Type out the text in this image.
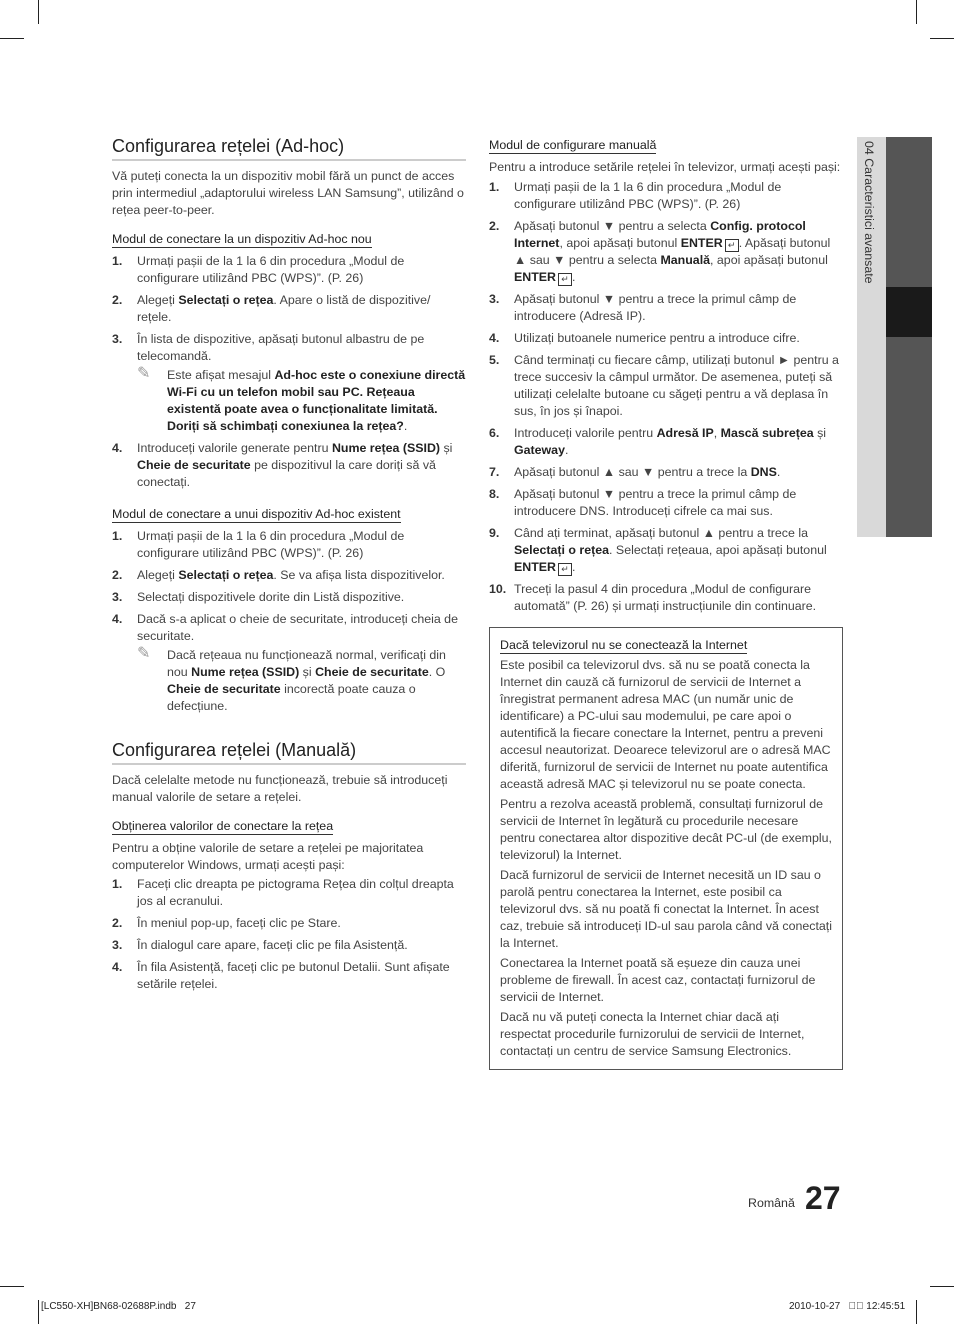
Configurarea rețelei (Ad-hoc)

Vă puteți conecta la un dispozitiv mobil fără un punct de acces prin intermediul „adaptorului wireless LAN Samsung”, utilizând o rețea peer-to-peer.

Modul de conectare la un dispozitiv Ad-hoc nou
1. Urmați pașii de la 1 la 6 din procedura „Modul de configurare utilizând PBC (WPS)”. (P. 26)
2. Alegeți Selectați o rețea. Apare o listă de dispozitive/ rețele.
3. În lista de dispozitive, apăsați butonul albastru de pe telecomandă.
✎ Este afișat mesajul Ad-hoc este o conexiune directă Wi-Fi cu un telefon mobil sau PC. Rețeaua existentă poate avea o funcționalitate limitată. Doriți să schimbați conexiunea la rețea?.
4. Introduceți valorile generate pentru Nume rețea (SSID) și Cheie de securitate pe dispozitivul la care doriți să vă conectați.
Modul de conectare a unui dispozitiv Ad-hoc existent
1. Urmați pașii de la 1 la 6 din procedura „Modul de configurare utilizând PBC (WPS)”. (P. 26)
2. Alegeți Selectați o rețea. Se va afișa lista dispozitivelor.
3. Selectați dispozitivele dorite din Listă dispozitive.
4. Dacă s-a aplicat o cheie de securitate, introduceți cheia de securitate.
✎ Dacă rețeaua nu funcționează normal, verificați din nou Nume rețea (SSID) și Cheie de securitate. O Cheie de securitate incorectă poate cauza o defecțiune.
Configurarea rețelei (Manuală)

Dacă celelalte metode nu funcționează, trebuie să introduceți manual valorile de setare a rețelei.

Obținerea valorilor de conectare la rețea

Pentru a obține valorile de setare a rețelei pe majoritatea computerelor Windows, urmați acești pași:

1. Faceți clic dreapta pe pictograma Rețea din colțul dreapta jos al ecranului.
2. În meniul pop-up, faceți clic pe Stare.
3. În dialogul care apare, faceți clic pe fila Asistență.
4. În fila Asistență, faceți clic pe butonul Detalii. Sunt afișate setările rețelei.
Modul de configurare manuală

Pentru a introduce setările rețelei în televizor, urmați acești pași:

1. Urmați pașii de la 1 la 6 din procedura „Modul de configurare utilizând PBC (WPS)”. (P. 26)
2. Apăsați butonul ▼ pentru a selecta Config. protocol Internet, apoi apăsați butonul ENTER ↵ . Apăsați butonul ▲ sau ▼ pentru a selecta Manuală, apoi apăsați butonul ENTER ↵ .
3. Apăsați butonul ▼ pentru a trece la primul câmp de introducere (Adresă IP).
4. Utilizați butoanele numerice pentru a introduce cifre.
5. Când terminați cu fiecare câmp, utilizați butonul ► pentru a trece succesiv la câmpul următor. De asemenea, puteți să utilizați celelalte butoane cu săgeți pentru a vă deplasa în sus, în jos și înapoi.
6. Introduceți valorile pentru Adresă IP, Mască subrețea și Gateway.
7. Apăsați butonul ▲ sau ▼ pentru a trece la DNS.
8. Apăsați butonul ▼ pentru a trece la primul câmp de introducere DNS. Introduceți cifrele ca mai sus.
9. Când ați terminat, apăsați butonul ▲ pentru a trece la Selectați o rețea. Selectați rețeaua, apoi apăsați butonul ENTER ↵ .
10. Treceți la pasul 4 din procedura „Modul de configurare automată” (P. 26) și urmați instrucțiunile din continuare.
Dacă televizorul nu se conectează la Internet

Este posibil ca televizorul dvs. să nu se poată conecta la Internet din cauză că furnizorul de servicii de Internet a înregistrat permanent adresa MAC (un număr unic de identificare) a PC-ului sau modemului, pe care apoi o autentifică la fiecare conectare la Internet, pentru a preveni accesul neautorizat. Deoarece televizorul are o adresă MAC diferită, furnizorul de servicii de Internet nu poate autentifica această adresă MAC și televizorul nu se poate conecta.

Pentru a rezolva această problemă, consultați furnizorul de servicii de Internet în legătură cu procedurile necesare pentru conectarea altor dispozitive decât PC-ul (de exemplu, televizorul) la Internet.

Dacă furnizorul de servicii de Internet necesită un ID sau o parolă pentru conectarea la Internet, este posibil ca televizorul dvs. să nu poată fi conectat la Internet. În acest caz, trebuie să introduceți ID-ul sau parola când vă conectați la Internet.

Conectarea la Internet poată să eșueze din cauza unei probleme de firewall. În acest caz, contactați furnizorul de servicii de Internet.

Dacă nu vă puteți conecta la Internet chiar dacă ați respectat procedurile furnizorului de servicii de Internet, contactați un centru de service Samsung Electronics.

04 Caracteristici avansate
Română 27
[LC550-XH]BN68-02688P.indb   27	2010-10-27   ￿￿ 12:45:51
